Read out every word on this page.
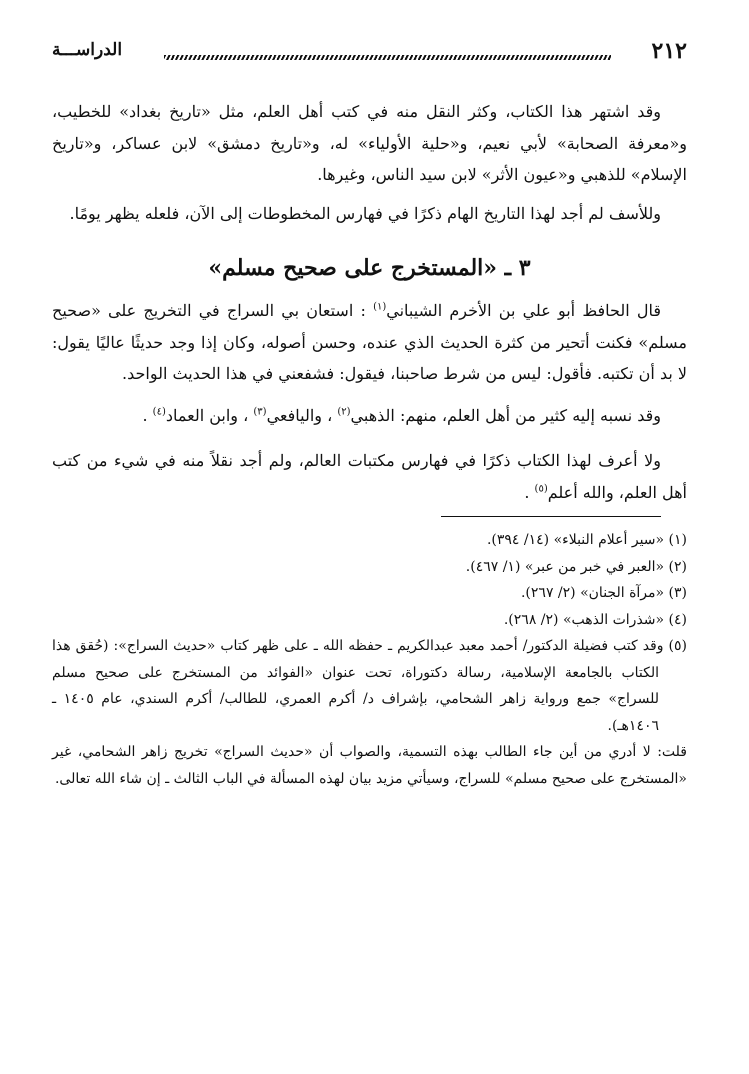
٢١٢
الدراســـة

وقد اشتهر هذا الكتاب، وكثر النقل منه في كتب أهل العلم، مثل «تاريخ بغداد» للخطيب، و«معرفة الصحابة» لأبي نعيم، و«حلية الأولياء» له، و«تاريخ دمشق» لابن عساكر، و«تاريخ الإسلام» للذهبي و«عيون الأثر» لابن سيد الناس، وغيرها.

وللأسف لم أجد لهذا التاريخ الهام ذكرًا في فهارس المخطوطات إلى الآن، فلعله يظهر يومًا.

٣ ـ «المستخرج على صحيح مسلم»

قال الحافظ أبو علي بن الأخرم الشيباني$^{(١)}$ : استعان بي السراج في التخريج على «صحيح مسلم» فكنت أتحير من كثرة الحديث الذي عنده، وحسن أصوله، وكان إذا وجد حديثًا عاليًا يقول: لا بد أن تكتبه. فأقول: ليس من شرط صاحبنا، فيقول: فشفعني في هذا الحديث الواحد.

وقد نسبه إليه كثير من أهل العلم، منهم: الذهبي$^{(٢)}$ ، واليافعي$^{(٣)}$ ، وابن العماد$^{(٤)}$ .

ولا أعرف لهذا الكتاب ذكرًا في فهارس مكتبات العالم، ولم أجد نقلاً منه في شيء من كتب أهل العلم، والله أعلم$^{(٥)}$ .

(١) «سير أعلام النبلاء» (١٤/ ٣٩٤).
(٢) «العبر في خبر من عبر» (١/ ٤٦٧).
(٣) «مرآة الجنان» (٢/ ٢٦٧).
(٤) «شذرات الذهب» (٢/ ٢٦٨).
(٥) وقد كتب فضيلة الدكتور/ أحمد معبد عبدالكريم ـ حفظه الله ـ على ظهر كتاب «حديث السراج»: (حُقق هذا الكتاب بالجامعة الإسلامية، رسالة دكتوراة، تحت عنوان «الفوائد من المستخرج على صحيح مسلم للسراج» جمع ورواية زاهر الشحامي، بإشراف د/ أكرم العمري، للطالب/ أكرم السندي، عام ١٤٠٥ ـ ١٤٠٦هـ).
قلت: لا أدري من أين جاء الطالب بهذه التسمية، والصواب أن «حديث السراج» تخريج زاهر الشحامي، غير «المستخرج على صحيح مسلم» للسراج، وسيأتي مزيد بيان لهذه المسألة في الباب الثالث ـ إن شاء الله تعالى.
